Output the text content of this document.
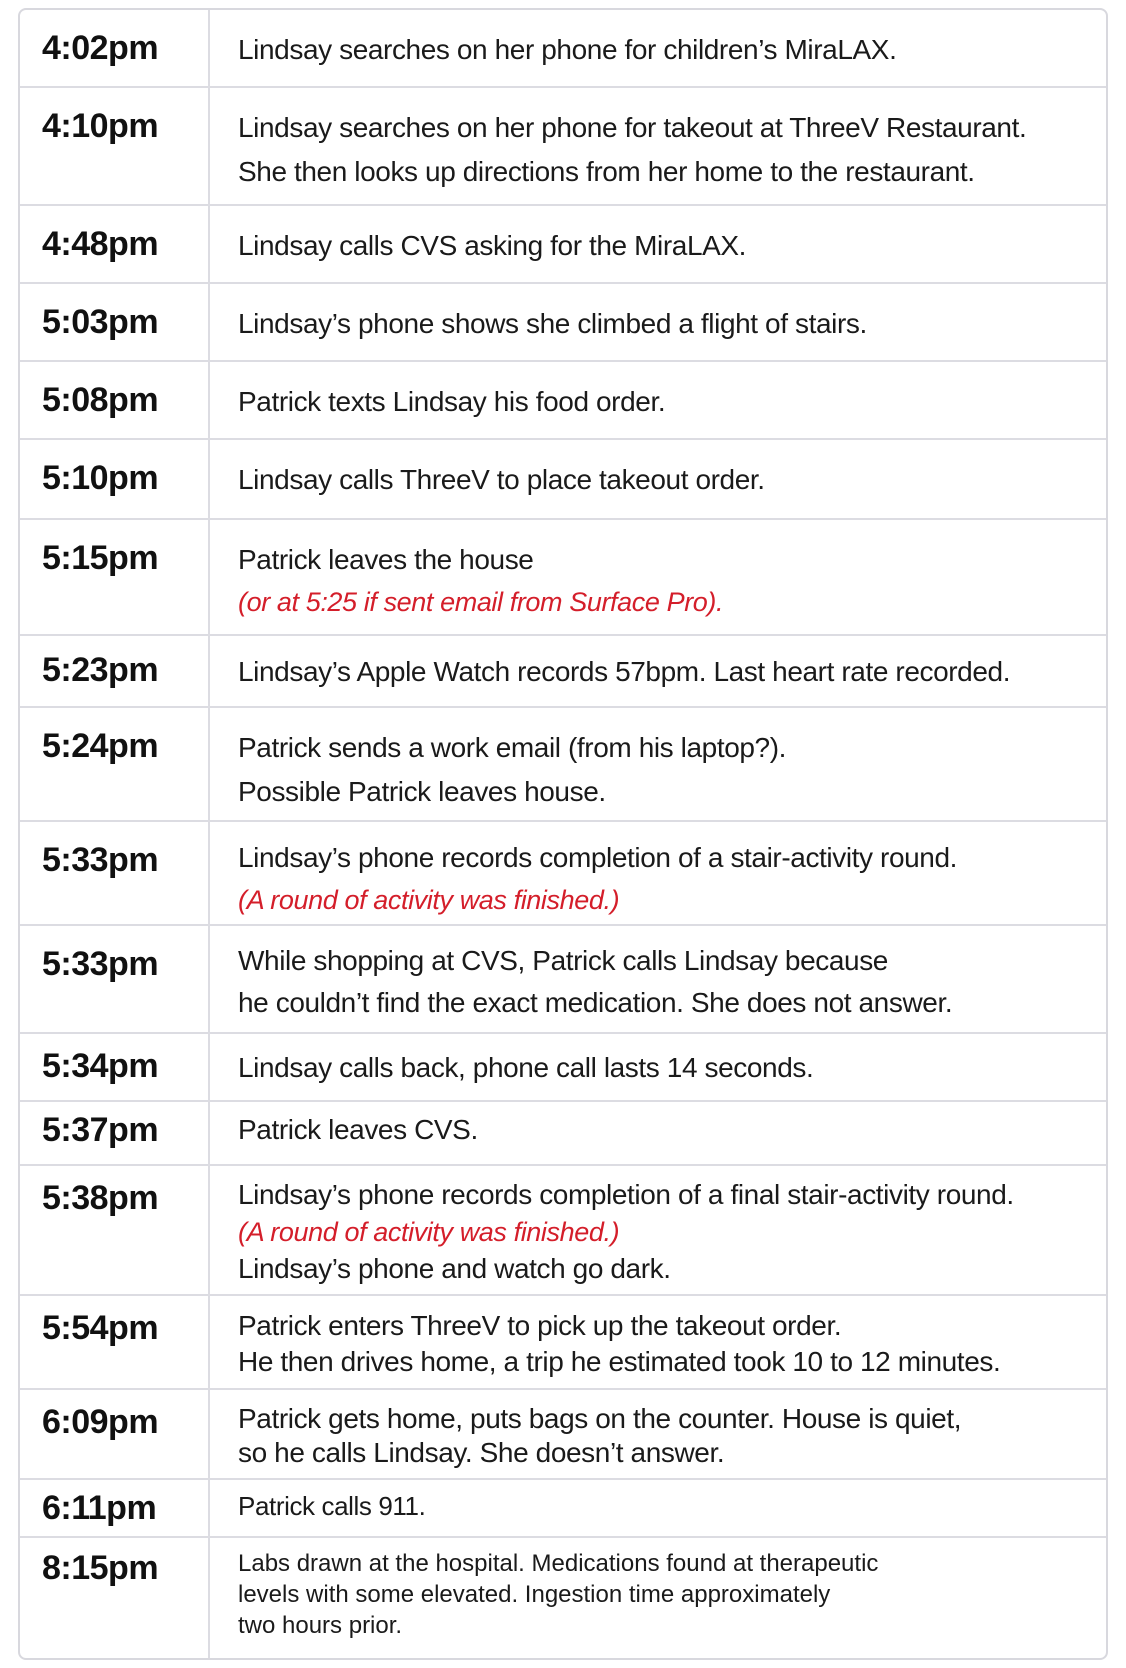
4:02pm	Lindsay searches on her phone for children’s MiraLAX.
4:10pm	Lindsay searches on her phone for takeout at ThreeV Restaurant.
She then looks up directions from her home to the restaurant.
4:48pm	Lindsay calls CVS asking for the MiraLAX.
5:03pm	Lindsay’s phone shows she climbed a flight of stairs.
5:08pm	Patrick texts Lindsay his food order.
5:10pm	Lindsay calls ThreeV to place takeout order.
5:15pm	Patrick leaves the house
(or at 5:25 if sent email from Surface Pro).
5:23pm	Lindsay’s Apple Watch records 57bpm. Last heart rate recorded.
5:24pm	Patrick sends a work email (from his laptop?).
Possible Patrick leaves house.
5:33pm	Lindsay’s phone records completion of a stair-activity round.
(A round of activity was finished.)
5:33pm	While shopping at CVS, Patrick calls Lindsay because
he couldn’t find the exact medication. She does not answer.
5:34pm	Lindsay calls back, phone call lasts 14 seconds.
5:37pm	Patrick leaves CVS.
5:38pm	Lindsay’s phone records completion of a final stair-activity round.
(A round of activity was finished.)
Lindsay’s phone and watch go dark.
5:54pm	Patrick enters ThreeV to pick up the takeout order.
He then drives home, a trip he estimated took 10 to 12 minutes.
6:09pm	Patrick gets home, puts bags on the counter. House is quiet,
so he calls Lindsay. She doesn’t answer.
6:11pm	Patrick calls 911.
8:15pm	Labs drawn at the hospital. Medications found at therapeutic
levels with some elevated. Ingestion time approximately
two hours prior.
